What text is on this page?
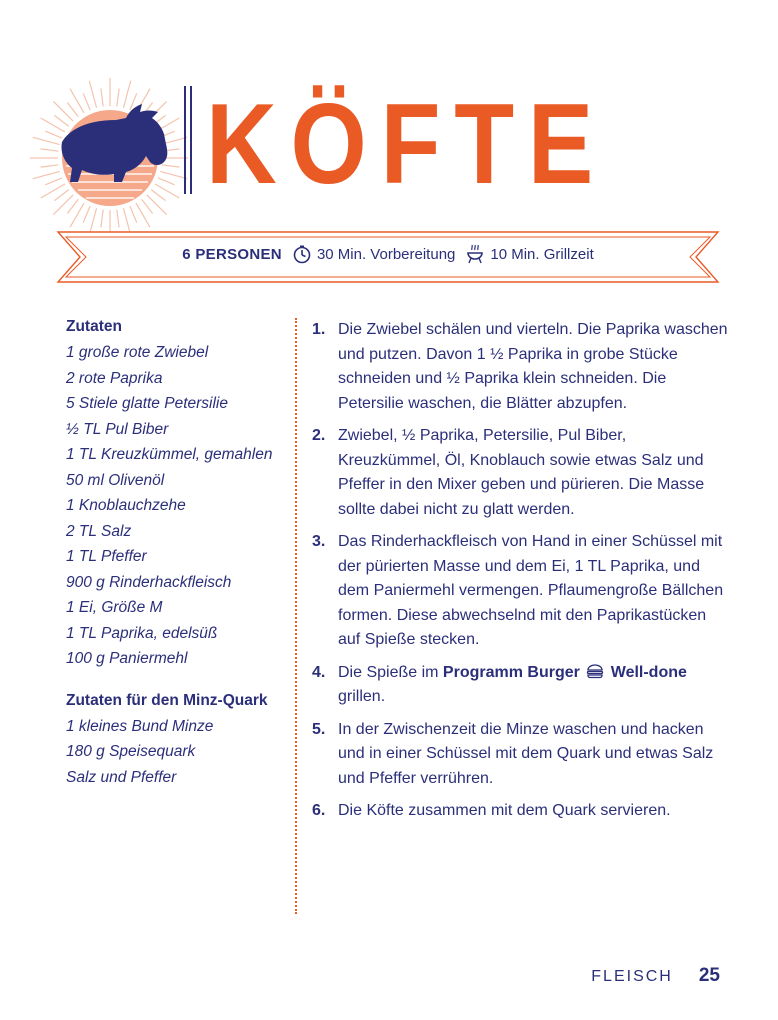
KÖFTE
6 PERSONEN 30 Min. Vorbereitung 10 Min. Grillzeit

Zutaten

1 große rote Zwiebel
2 rote Paprika
5 Stiele glatte Petersilie
½ TL Pul Biber
1 TL Kreuzkümmel, gemahlen
50 ml Olivenöl
1 Knoblauchzehe
2 TL Salz
1 TL Pfeffer
900 g Rinderhackfleisch
1 Ei, Größe M
1 TL Paprika, edelsüß
100 g Paniermehl

Zutaten für den Minz-Quark

1 kleines Bund Minze
180 g Speisequark
Salz und Pfeffer
1. Die Zwiebel schälen und vierteln. Die Paprika waschen und putzen. Davon 1 ½ Paprika in grobe Stücke schneiden und ½ Paprika klein schneiden. Die Petersilie waschen, die Blätter abzupfen.
2. Zwiebel, ½ Paprika, Petersilie, Pul Biber, Kreuzkümmel, Öl, Knoblauch sowie etwas Salz und Pfeffer in den Mixer geben und pürieren. Die Masse sollte dabei nicht zu glatt werden.
3. Das Rinderhackfleisch von Hand in einer Schüssel mit der pürierten Masse und dem Ei, 1 TL Paprika, und dem Paniermehl vermengen. Pflaumengroße Bällchen formen. Diese abwechselnd mit den Paprikastücken auf Spieße stecken.
4. Die Spieße im Programm Burger Well-done grillen.
5. In der Zwischenzeit die Minze waschen und hacken und in einer Schüssel mit dem Quark und etwas Salz und Pfeffer verrühren.
6. Die Köfte zusammen mit dem Quark servieren.
FLEISCH 25
